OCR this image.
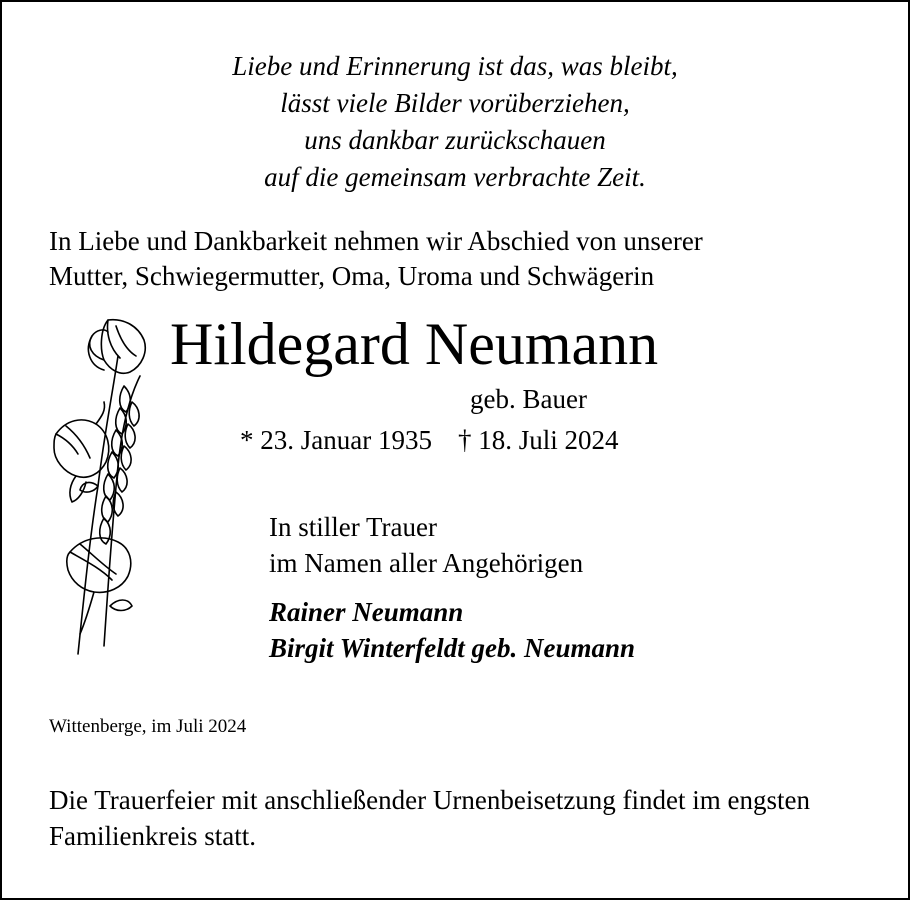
Liebe und Erinnerung ist das, was bleibt,
lässt viele Bilder vorüberziehen,
uns dankbar zurückschauen
auf die gemeinsam verbrachte Zeit.
In Liebe und Dankbarkeit nehmen wir Abschied von unserer
Mutter, Schwiegermutter, Oma, Uroma und Schwägerin
Hildegard Neumann
geb. Bauer
* 23. Januar 1935 † 18. Juli 2024
In stiller Trauer
im Namen aller Angehörigen
Rainer Neumann
Birgit Winterfeldt geb. Neumann
Wittenberge, im Juli 2024
Die Trauerfeier mit anschließender Urnenbeisetzung findet im engsten Familienkreis statt.
